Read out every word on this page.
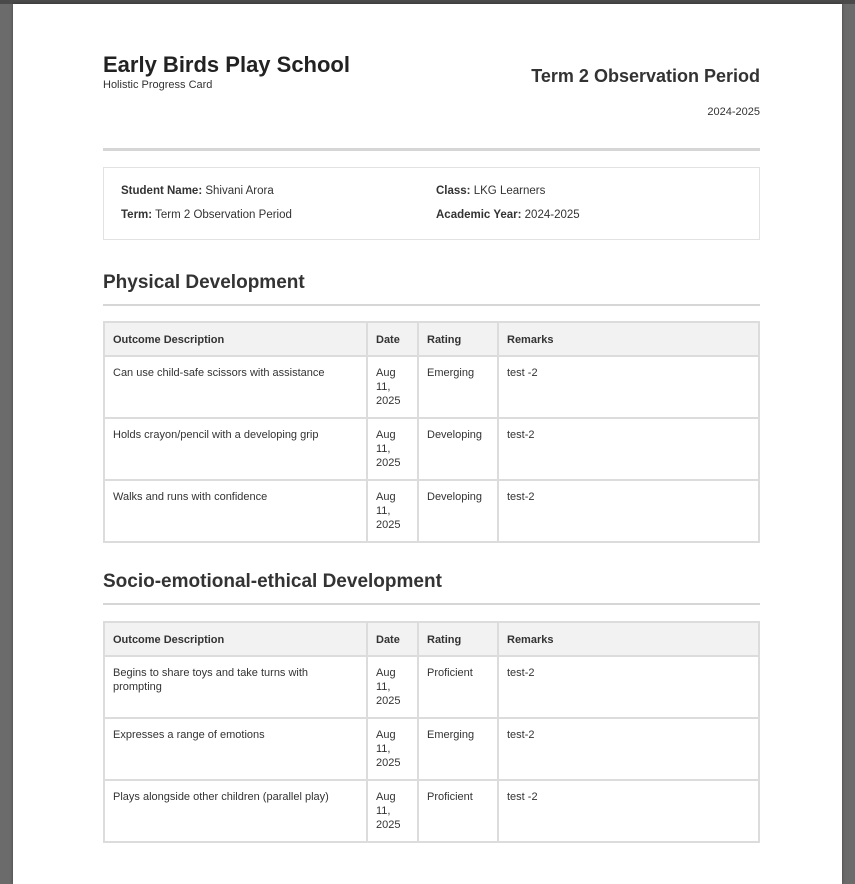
Early Birds Play School
Holistic Progress Card	Term 2 Observation Period
2024-2025
Student Name: Shivani Arora	Class: LKG Learners
Term: Term 2 Observation Period	Academic Year: 2024-2025
Physical Development
Outcome Description	Date	Rating	Remarks
Can use child-safe scissors with assistance	Aug 11, 2025	Emerging	test -2
Holds crayon/pencil with a developing grip	Aug 11, 2025	Developing	test-2
Walks and runs with confidence	Aug 11, 2025	Developing	test-2
Socio-emotional-ethical Development
Outcome Description	Date	Rating	Remarks
Begins to share toys and take turns with prompting	Aug 11, 2025	Proficient	test-2
Expresses a range of emotions	Aug 11, 2025	Emerging	test-2
Plays alongside other children (parallel play)	Aug 11, 2025	Proficient	test -2
